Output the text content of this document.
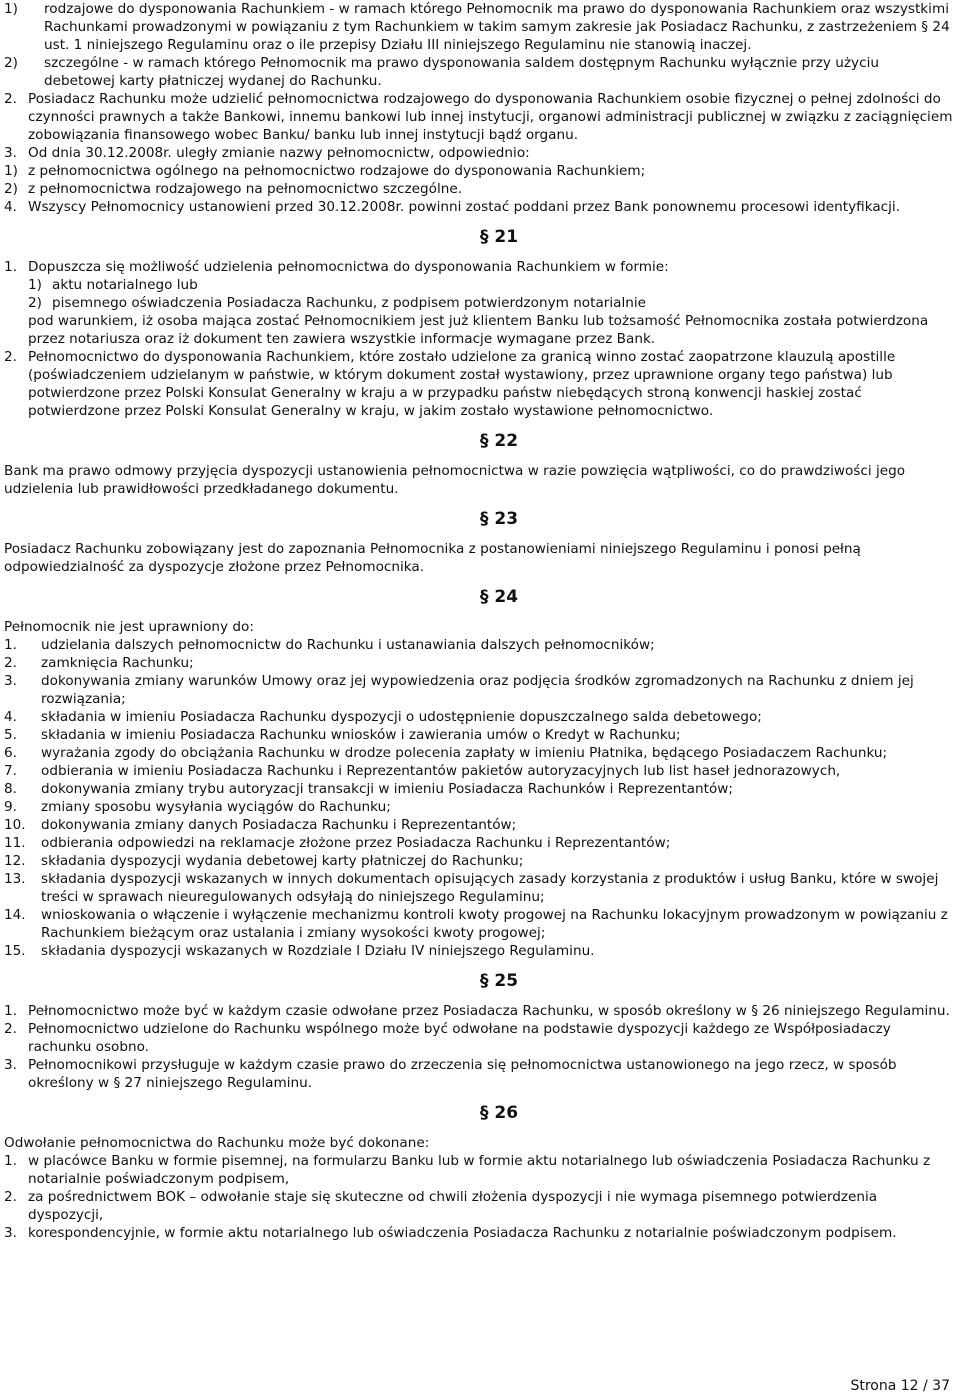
1)	rodzajowe do dysponowania Rachunkiem - w ramach którego Pełnomocnik ma prawo do dysponowania Rachunkiem oraz wszystkimi Rachunkami prowadzonymi w powiązaniu z tym Rachunkiem w takim samym zakresie jak Posiadacz Rachunku, z zastrzeżeniem § 24 ust. 1 niniejszego Regulaminu oraz o ile przepisy Działu III niniejszego Regulaminu nie stanowią inaczej.
2)	szczególne - w ramach którego Pełnomocnik ma prawo dysponowania saldem dostępnym Rachunku wyłącznie przy użyciu debetowej karty płatniczej wydanej do Rachunku.
2. Posiadacz Rachunku może udzielić pełnomocnictwa rodzajowego do dysponowania Rachunkiem osobie fizycznej o pełnej zdolności do czynności prawnych a także Bankowi, innemu bankowi lub innej instytucji, organowi administracji publicznej w związku z zaciągnięciem zobowiązania finansowego wobec Banku/ banku lub innej instytucji bądź organu.
3. Od dnia 30.12.2008r. uległy zmianie nazwy pełnomocnictw, odpowiednio:
1) z pełnomocnictwa ogólnego na pełnomocnictwo rodzajowe do dysponowania Rachunkiem;
2) z pełnomocnictwa rodzajowego na pełnomocnictwo szczególne.
4. Wszyscy Pełnomocnicy ustanowieni przed 30.12.2008r. powinni zostać poddani przez Bank ponownemu procesowi identyfikacji.
§ 21
1. Dopuszcza się możliwość udzielenia pełnomocnictwa do dysponowania Rachunkiem w formie:
1) aktu notarialnego lub
2) pisemnego oświadczenia Posiadacza Rachunku, z podpisem potwierdzonym notarialnie

pod warunkiem, iż osoba mająca zostać Pełnomocnikiem jest już klientem Banku lub tożsamość Pełnomocnika została potwierdzona przez notariusza oraz iż dokument ten zawiera wszystkie informacje wymagane przez Bank.

2. Pełnomocnictwo do dysponowania Rachunkiem, które zostało udzielone za granicą winno zostać zaopatrzone klauzulą apostille (poświadczeniem udzielanym w państwie, w którym dokument został wystawiony, przez uprawnione organy tego państwa) lub potwierdzone przez Polski Konsulat Generalny w kraju a w przypadku państw niebędących stroną konwencji haskiej zostać potwierdzone przez Polski Konsulat Generalny w kraju, w jakim zostało wystawione pełnomocnictwo.
§ 22

Bank ma prawo odmowy przyjęcia dyspozycji ustanowienia pełnomocnictwa w razie powzięcia wątpliwości, co do prawdziwości jego udzielenia lub prawidłowości przedkładanego dokumentu.

§ 23

Posiadacz Rachunku zobowiązany jest do zapoznania Pełnomocnika z postanowieniami niniejszego Regulaminu i ponosi pełną odpowiedzialność za dyspozycje złożone przez Pełnomocnika.

§ 24

Pełnomocnik nie jest uprawniony do:

1.	udzielania dalszych pełnomocnictw do Rachunku i ustanawiania dalszych pełnomocników;
2.	zamknięcia Rachunku;
3.	dokonywania zmiany warunków Umowy oraz jej wypowiedzenia oraz podjęcia środków zgromadzonych na Rachunku z dniem jej rozwiązania;
4.	składania w imieniu Posiadacza Rachunku dyspozycji o udostępnienie dopuszczalnego salda debetowego;
5.	składania w imieniu Posiadacza Rachunku wniosków i zawierania umów o Kredyt w Rachunku;
6.	wyrażania zgody do obciążania Rachunku w drodze polecenia zapłaty w imieniu Płatnika, będącego Posiadaczem Rachunku;
7.	odbierania w imieniu Posiadacza Rachunku i Reprezentantów pakietów autoryzacyjnych lub list haseł jednorazowych,
8.	dokonywania zmiany trybu autoryzacji transakcji w imieniu Posiadacza Rachunków i Reprezentantów;
9.	zmiany sposobu wysyłania wyciągów do Rachunku;
10.	dokonywania zmiany danych Posiadacza Rachunku i Reprezentantów;
11.	odbierania odpowiedzi na reklamacje złożone przez Posiadacza Rachunku i Reprezentantów;
12.	składania dyspozycji wydania debetowej karty płatniczej do Rachunku;
13.	składania dyspozycji wskazanych w innych dokumentach opisujących zasady korzystania z produktów i usług Banku, które w swojej treści w sprawach nieuregulowanych odsyłają do niniejszego Regulaminu;
14.	wnioskowania o włączenie i wyłączenie mechanizmu kontroli kwoty progowej na Rachunku lokacyjnym prowadzonym w powiązaniu z Rachunkiem bieżącym oraz ustalania i zmiany wysokości kwoty progowej;
15.	składania dyspozycji wskazanych w Rozdziale I Działu IV niniejszego Regulaminu.
§ 25
1. Pełnomocnictwo może być w każdym czasie odwołane przez Posiadacza Rachunku, w sposób określony w § 26 niniejszego Regulaminu.
2. Pełnomocnictwo udzielone do Rachunku wspólnego może być odwołane na podstawie dyspozycji każdego ze Współposiadaczy rachunku osobno.
3. Pełnomocnikowi przysługuje w każdym czasie prawo do zrzeczenia się pełnomocnictwa ustanowionego na jego rzecz, w sposób określony w § 27 niniejszego Regulaminu.
§ 26

Odwołanie pełnomocnictwa do Rachunku może być dokonane:

1. w placówce Banku w formie pisemnej, na formularzu Banku lub w formie aktu notarialnego lub oświadczenia Posiadacza Rachunku z notarialnie poświadczonym podpisem,
2. za pośrednictwem BOK – odwołanie staje się skuteczne od chwili złożenia dyspozycji i nie wymaga pisemnego potwierdzenia dyspozycji,
3. korespondencyjnie, w formie aktu notarialnego lub oświadczenia Posiadacza Rachunku z notarialnie poświadczonym podpisem.
Strona 12 / 37
